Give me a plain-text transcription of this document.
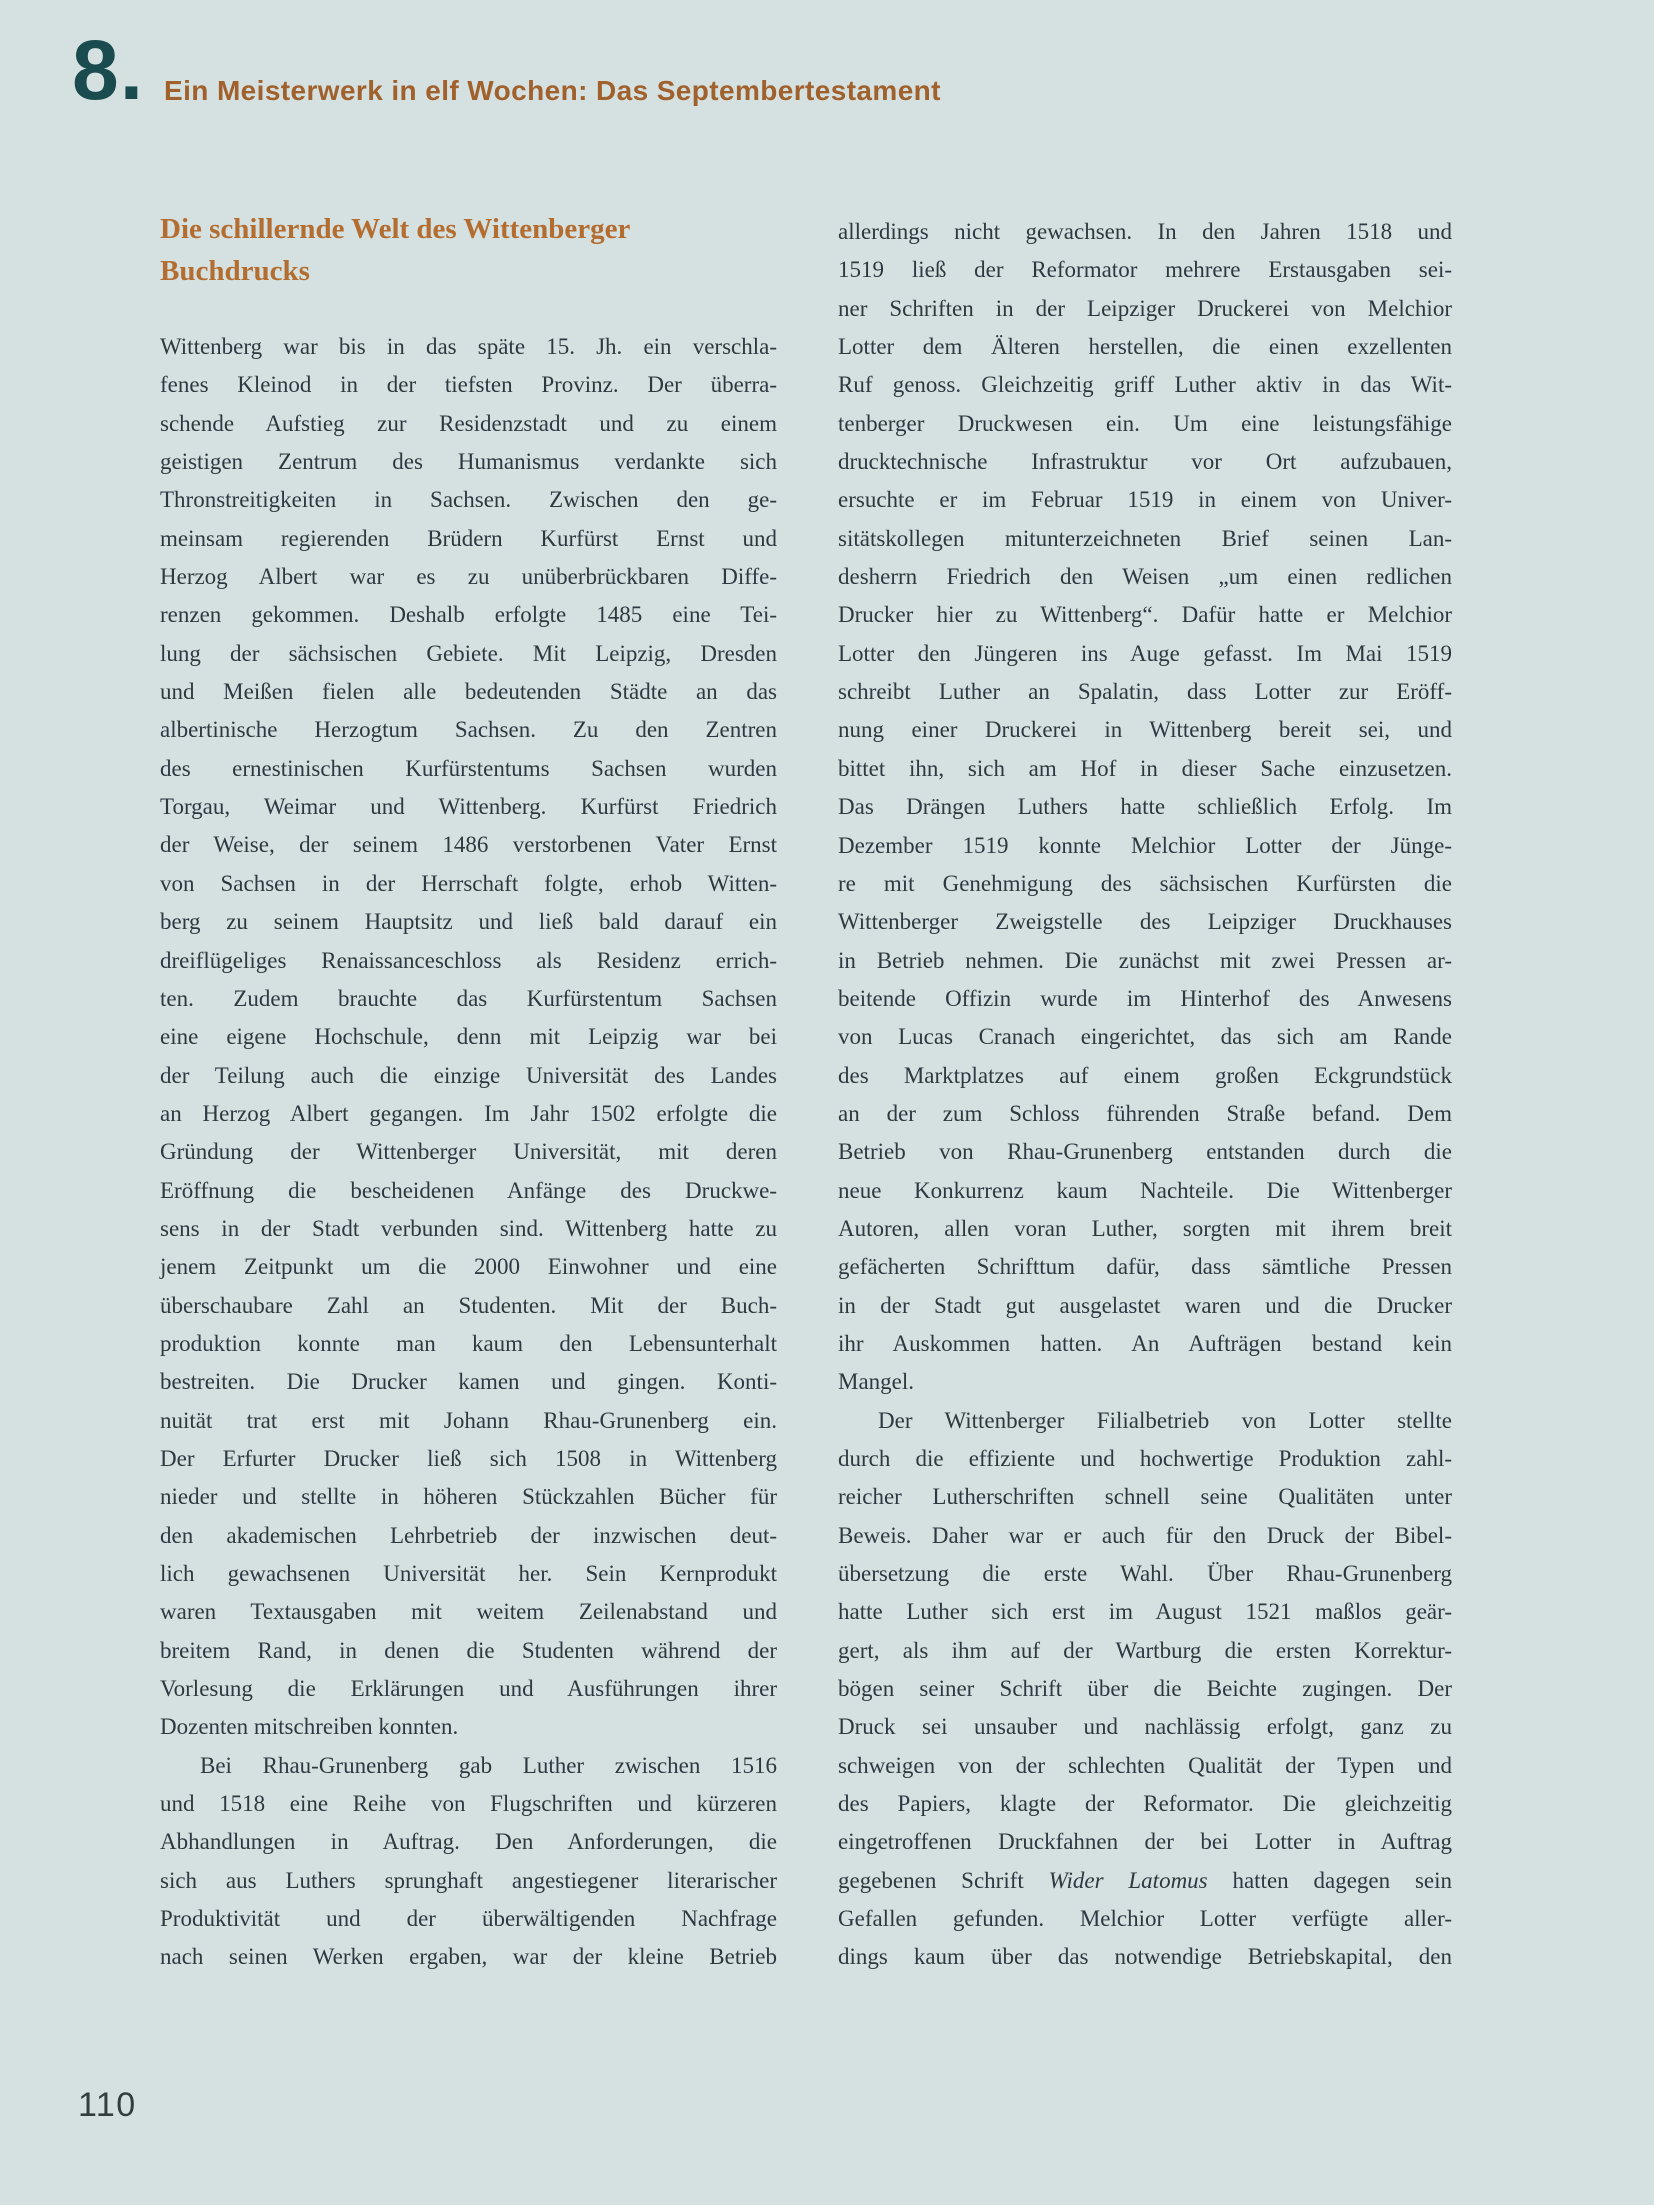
8. Ein Meisterwerk in elf Wochen: Das Septembertestament
Die schillernde Welt des Wittenberger
Buchdrucks
Wittenberg war bis in das späte 15. Jh. ein verschla-
fenes Kleinod in der tiefsten Provinz. Der überra-
schende Aufstieg zur Residenzstadt und zu einem
geistigen Zentrum des Humanismus verdankte sich
Thronstreitigkeiten in Sachsen. Zwischen den ge-
meinsam regierenden Brüdern Kurfürst Ernst und
Herzog Albert war es zu unüberbrückbaren Diffe-
renzen gekommen. Deshalb erfolgte 1485 eine Tei-
lung der sächsischen Gebiete. Mit Leipzig, Dresden
und Meißen fielen alle bedeutenden Städte an das
albertinische Herzogtum Sachsen. Zu den Zentren
des ernestinischen Kurfürstentums Sachsen wurden
Torgau, Weimar und Wittenberg. Kurfürst Friedrich
der Weise, der seinem 1486 verstorbenen Vater Ernst
von Sachsen in der Herrschaft folgte, erhob Witten-
berg zu seinem Hauptsitz und ließ bald darauf ein
dreiflügeliges Renaissanceschloss als Residenz errich-
ten. Zudem brauchte das Kurfürstentum Sachsen
eine eigene Hochschule, denn mit Leipzig war bei
der Teilung auch die einzige Universität des Landes
an Herzog Albert gegangen. Im Jahr 1502 erfolgte die
Gründung der Wittenberger Universität, mit deren
Eröffnung die bescheidenen Anfänge des Druckwe-
sens in der Stadt verbunden sind. Wittenberg hatte zu
jenem Zeitpunkt um die 2000 Einwohner und eine
überschaubare Zahl an Studenten. Mit der Buch-
produktion konnte man kaum den Lebensunterhalt
bestreiten. Die Drucker kamen und gingen. Konti-
nuität trat erst mit Johann Rhau-Grunenberg ein.
Der Erfurter Drucker ließ sich 1508 in Wittenberg
nieder und stellte in höheren Stückzahlen Bücher für
den akademischen Lehrbetrieb der inzwischen deut-
lich gewachsenen Universität her. Sein Kernprodukt
waren Textausgaben mit weitem Zeilenabstand und
breitem Rand, in denen die Studenten während der
Vorlesung die Erklärungen und Ausführungen ihrer
Dozenten mitschreiben konnten.
Bei Rhau-Grunenberg gab Luther zwischen 1516
und 1518 eine Reihe von Flugschriften und kürzeren
Abhandlungen in Auftrag. Den Anforderungen, die
sich aus Luthers sprunghaft angestiegener literarischer
Produktivität und der überwältigenden Nachfrage
nach seinen Werken ergaben, war der kleine Betrieb
allerdings nicht gewachsen. In den Jahren 1518 und
1519 ließ der Reformator mehrere Erstausgaben sei-
ner Schriften in der Leipziger Druckerei von Melchior
Lotter dem Älteren herstellen, die einen exzellenten
Ruf genoss. Gleichzeitig griff Luther aktiv in das Wit-
tenberger Druckwesen ein. Um eine leistungsfähige
drucktechnische Infrastruktur vor Ort aufzubauen,
ersuchte er im Februar 1519 in einem von Univer-
sitätskollegen mitunterzeichneten Brief seinen Lan-
desherrn Friedrich den Weisen „um einen redlichen
Drucker hier zu Wittenberg“. Dafür hatte er Melchior
Lotter den Jüngeren ins Auge gefasst. Im Mai 1519
schreibt Luther an Spalatin, dass Lotter zur Eröff-
nung einer Druckerei in Wittenberg bereit sei, und
bittet ihn, sich am Hof in dieser Sache einzusetzen.
Das Drängen Luthers hatte schließlich Erfolg. Im
Dezember 1519 konnte Melchior Lotter der Jünge-
re mit Genehmigung des sächsischen Kurfürsten die
Wittenberger Zweigstelle des Leipziger Druckhauses
in Betrieb nehmen. Die zunächst mit zwei Pressen ar-
beitende Offizin wurde im Hinterhof des Anwesens
von Lucas Cranach eingerichtet, das sich am Rande
des Marktplatzes auf einem großen Eckgrundstück
an der zum Schloss führenden Straße befand. Dem
Betrieb von Rhau-Grunenberg entstanden durch die
neue Konkurrenz kaum Nachteile. Die Wittenberger
Autoren, allen voran Luther, sorgten mit ihrem breit
gefächerten Schrifttum dafür, dass sämtliche Pressen
in der Stadt gut ausgelastet waren und die Drucker
ihr Auskommen hatten. An Aufträgen bestand kein
Mangel.
Der Wittenberger Filialbetrieb von Lotter stellte
durch die effiziente und hochwertige Produktion zahl-
reicher Lutherschriften schnell seine Qualitäten unter
Beweis. Daher war er auch für den Druck der Bibel-
übersetzung die erste Wahl. Über Rhau-Grunenberg
hatte Luther sich erst im August 1521 maßlos geär-
gert, als ihm auf der Wartburg die ersten Korrektur-
bögen seiner Schrift über die Beichte zugingen. Der
Druck sei unsauber und nachlässig erfolgt, ganz zu
schweigen von der schlechten Qualität der Typen und
des Papiers, klagte der Reformator. Die gleichzeitig
eingetroffenen Druckfahnen der bei Lotter in Auftrag
gegebenen Schrift Wider Latomus hatten dagegen sein
Gefallen gefunden. Melchior Lotter verfügte aller-
dings kaum über das notwendige Betriebskapital, den
110
